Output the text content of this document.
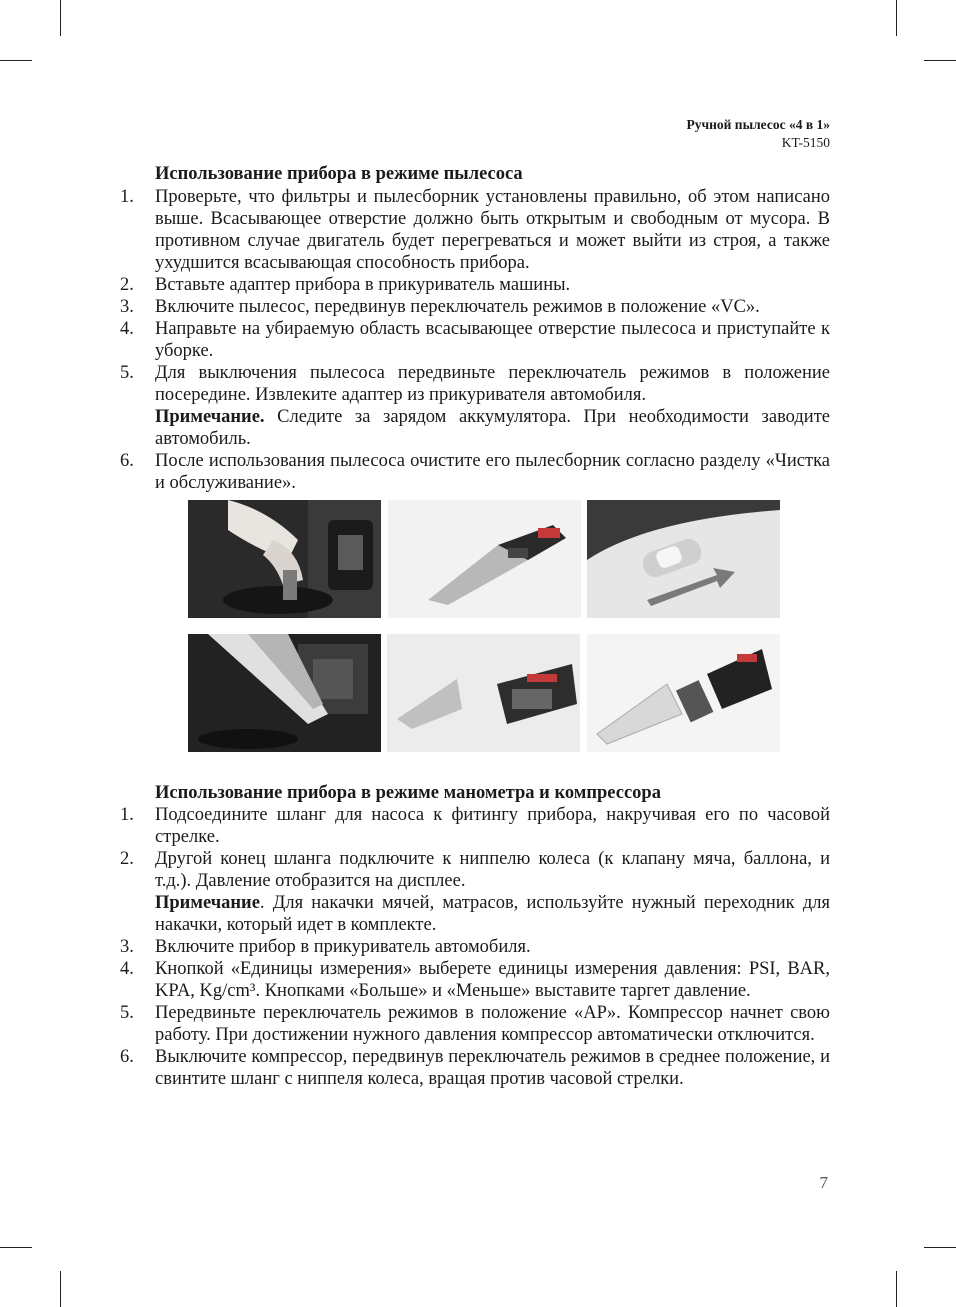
Ручной пылесос «4 в 1»
KT-5150
Использование прибора в режиме пылесоса
1. Проверьте, что фильтры и пылесборник установлены правильно, об этом написано выше. Всасывающее отверстие должно быть открытым и свободным от мусора. В противном случае двигатель будет перегреваться и может выйти из строя, а также ухудшится всасывающая способность прибора.
2. Вставьте адаптер прибора в прикуриватель машины.
3. Включите пылесос, передвинув переключатель режимов в положение «VC».
4. Направьте на убираемую область всасывающее отверстие пылесоса и приступайте к уборке.
5. Для выключения пылесоса передвиньте переключатель режимов в положение посередине. Извлеките адаптер из прикуривателя автомобиля.
Примечание. Следите за зарядом аккумулятора. При необходимости заводите автомобиль.
6. После использования пылесоса очистите его пылесборник согласно разделу «Чистка и обслуживание».
Использование прибора в режиме манометра и компрессора
1. Подсоедините шланг для насоса к фитингу прибора, накручивая его по часовой стрелке.
2. Другой конец шланга подключите к ниппелю колеса (к клапану мяча, баллона, и т.д.). Давление отобразится на дисплее.
Примечание. Для накачки мячей, матрасов, используйте нужный переходник для накачки, который идет в комплекте.
3. Включите прибор в прикуриватель автомобиля.
4. Кнопкой «Единицы измерения» выберете единицы измерения давления: PSI, BAR, KPA, Kg/cm³. Кнопками «Больше» и «Меньше» выставите таргет давление.
5. Передвиньте переключатель режимов в положение «AP». Компрессор начнет свою работу. При достижении нужного давления компрессор автоматически отключится.
6. Выключите компрессор, передвинув переключатель режимов в среднее положение, и свинтите шланг с ниппеля колеса, вращая против часовой стрелки.
7
